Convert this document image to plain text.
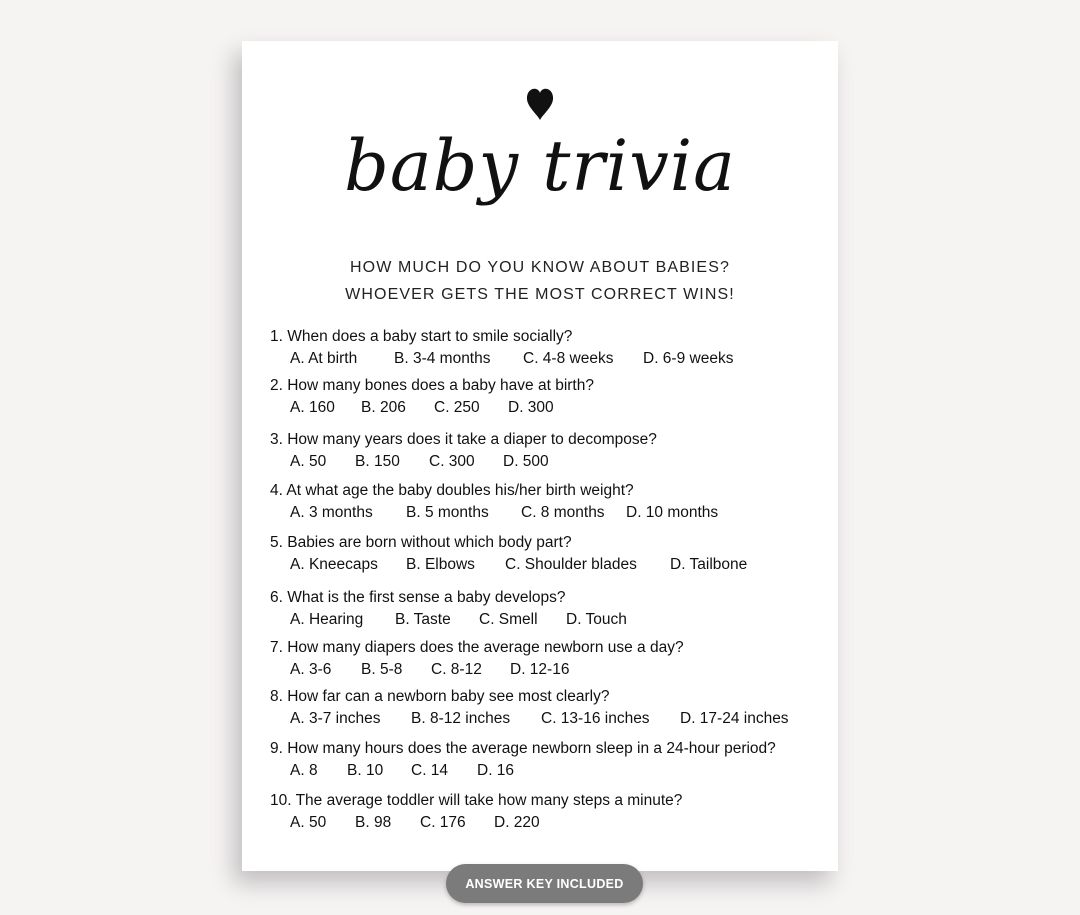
baby trivia
HOW MUCH DO YOU KNOW ABOUT BABIES?
WHOEVER GETS THE MOST CORRECT WINS!
1. When does a baby start to smile socially?
A. At birth B. 3-4 months C. 4-8 weeks D. 6-9 weeks
2. How many bones does a baby have at birth?
A. 160 B. 206 C. 250 D. 300
3. How many years does it take a diaper to decompose?
A. 50 B. 150 C. 300 D. 500
4. At what age the baby doubles his/her birth weight?
A. 3 months B. 5 months C. 8 months D. 10 months
5. Babies are born without which body part?
A. Kneecaps B. Elbows C. Shoulder blades D. Tailbone
6. What is the first sense a baby develops?
A. Hearing B. Taste C. Smell D. Touch
7. How many diapers does the average newborn use a day?
A. 3-6 B. 5-8 C. 8-12 D. 12-16
8. How far can a newborn baby see most clearly?
A. 3-7 inches B. 8-12 inches C. 13-16 inches D. 17-24 inches
9. How many hours does the average newborn sleep in a 24-hour period?
A. 8 B. 10 C. 14 D. 16
10. The average toddler will take how many steps a minute?
A. 50 B. 98 C. 176 D. 220
ANSWER KEY INCLUDED
